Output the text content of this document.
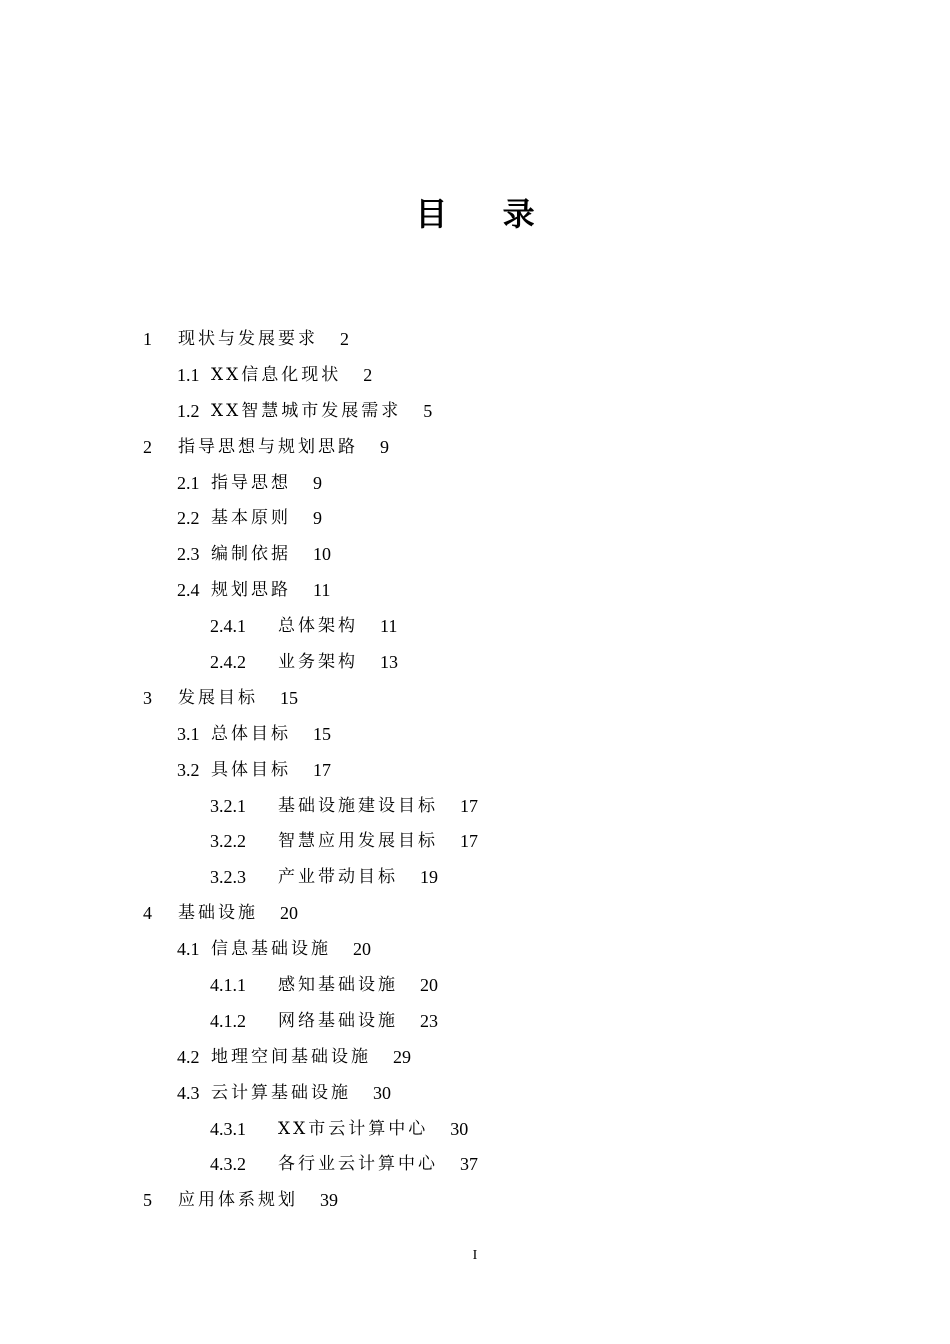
目 录
1 现状与发展要求 2
1.1 XX信息化现状 2
1.2 XX智慧城市发展需求 5
2 指导思想与规划思路 9
2.1 指导思想 9
2.2 基本原则 9
2.3 编制依据 10
2.4 规划思路 11
2.4.1 总体架构 11
2.4.2 业务架构 13
3 发展目标 15
3.1 总体目标 15
3.2 具体目标 17
3.2.1 基础设施建设目标 17
3.2.2 智慧应用发展目标 17
3.2.3 产业带动目标 19
4 基础设施 20
4.1 信息基础设施 20
4.1.1 感知基础设施 20
4.1.2 网络基础设施 23
4.2 地理空间基础设施 29
4.3 云计算基础设施 30
4.3.1 XX市云计算中心 30
4.3.2 各行业云计算中心 37
5 应用体系规划 39
I
